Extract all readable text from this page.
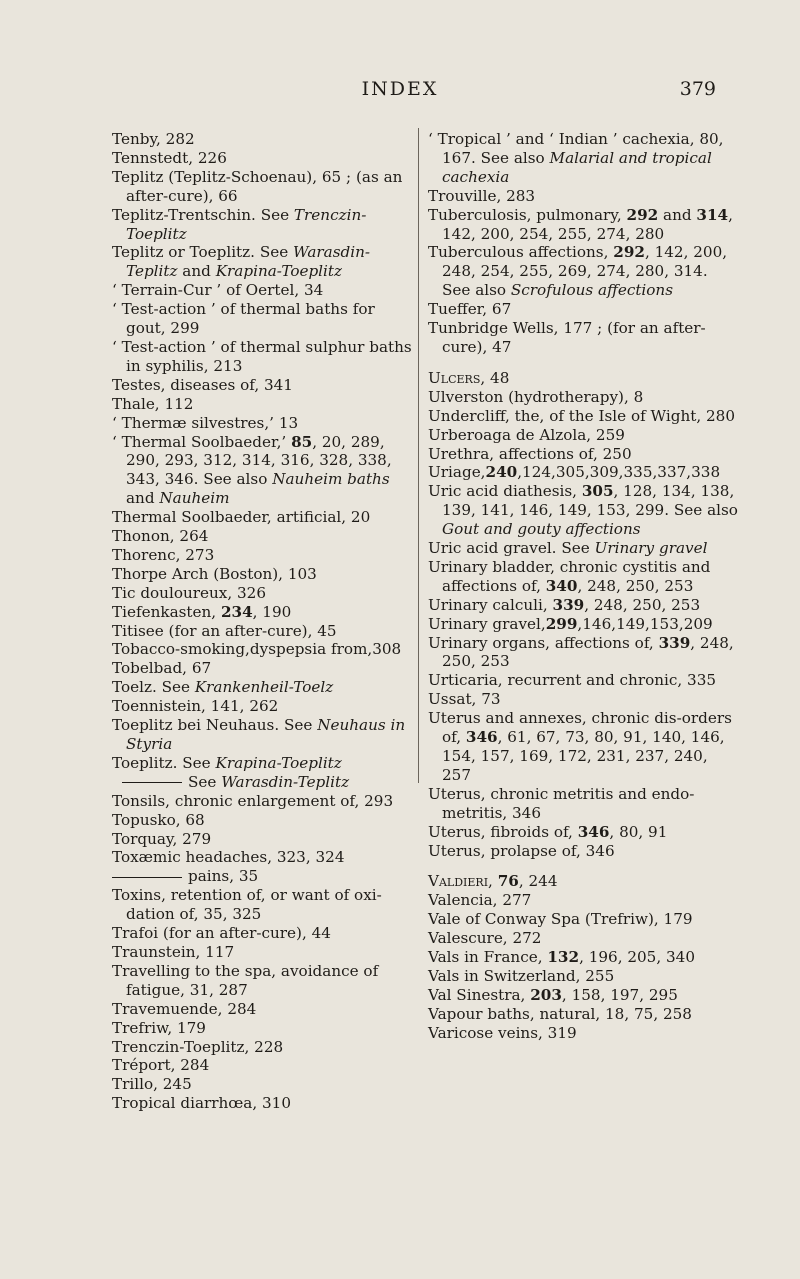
INDEX	379
Tenby, 282
Tennstedt, 226
Teplitz (Teplitz-Schoenau), 65 ; (as an after-cure), 66
Teplitz-Trentschin. See Trenczin-Toeplitz
Teplitz or Toeplitz. See Warasdin-Teplitz and Krapina-Toeplitz
‘ Terrain-Cur ’ of Oertel, 34
‘ Test-action ’ of thermal baths for gout, 299
‘ Test-action ’ of thermal sulphur baths in syphilis, 213
Testes, diseases of, 341
Thale, 112
‘ Thermæ silvestres,’ 13
‘ Thermal Soolbaeder,’ 85, 20, 289, 290, 293, 312, 314, 316, 328, 338, 343, 346. See also Nauheim baths and Nauheim
Thermal Soolbaeder, artificial, 20
Thonon, 264
Thorenc, 273
Thorpe Arch (Boston), 103
Tic douloureux, 326
Tiefenkasten, 234, 190
Titisee (for an after-cure), 45
Tobacco-smoking,dyspepsia from,308
Tobelbad, 67
Toelz. See Krankenheil-Toelz
Toennistein, 141, 262
Toeplitz bei Neuhaus. See Neuhaus in Styria
Toeplitz. See Krapina-Toeplitz
See Warasdin-Teplitz
Tonsils, chronic enlargement of, 293
Topusko, 68
Torquay, 279
Toxæmic headaches, 323, 324
pains, 35
Toxins, retention of, or want of oxi-dation of, 35, 325
Trafoi (for an after-cure), 44
Traunstein, 117
Travelling to the spa, avoidance of fatigue, 31, 287
Travemuende, 284
Trefriw, 179
Trenczin-Toeplitz, 228
Tréport, 284
Trillo, 245
Tropical diarrhœa, 310
‘ Tropical ’ and ‘ Indian ’ cachexia, 80, 167. See also Malarial and tropical cachexia
Trouville, 283
Tuberculosis, pulmonary, 292 and 314, 142, 200, 254, 255, 274, 280
Tuberculous affections, 292, 142, 200, 248, 254, 255, 269, 274, 280, 314. See also Scrofulous affections
Tueffer, 67
Tunbridge Wells, 177 ; (for an after-cure), 47
Ulcers, 48
Ulverston (hydrotherapy), 8
Undercliff, the, of the Isle of Wight, 280
Urberoaga de Alzola, 259
Urethra, affections of, 250
Uriage,240,124,305,309,335,337,338
Uric acid diathesis, 305, 128, 134, 138, 139, 141, 146, 149, 153, 299. See also Gout and gouty affections
Uric acid gravel. See Urinary gravel
Urinary bladder, chronic cystitis and affections of, 340, 248, 250, 253
Urinary calculi, 339, 248, 250, 253
Urinary gravel,299,146,149,153,209
Urinary organs, affections of, 339, 248, 250, 253
Urticaria, recurrent and chronic, 335
Ussat, 73
Uterus and annexes, chronic dis-orders of, 346, 61, 67, 73, 80, 91, 140, 146, 154, 157, 169, 172, 231, 237, 240, 257
Uterus, chronic metritis and endo-metritis, 346
Uterus, fibroids of, 346, 80, 91
Uterus, prolapse of, 346
Valdieri, 76, 244
Valencia, 277
Vale of Conway Spa (Trefriw), 179
Valescure, 272
Vals in France, 132, 196, 205, 340
Vals in Switzerland, 255
Val Sinestra, 203, 158, 197, 295
Vapour baths, natural, 18, 75, 258
Varicose veins, 319
